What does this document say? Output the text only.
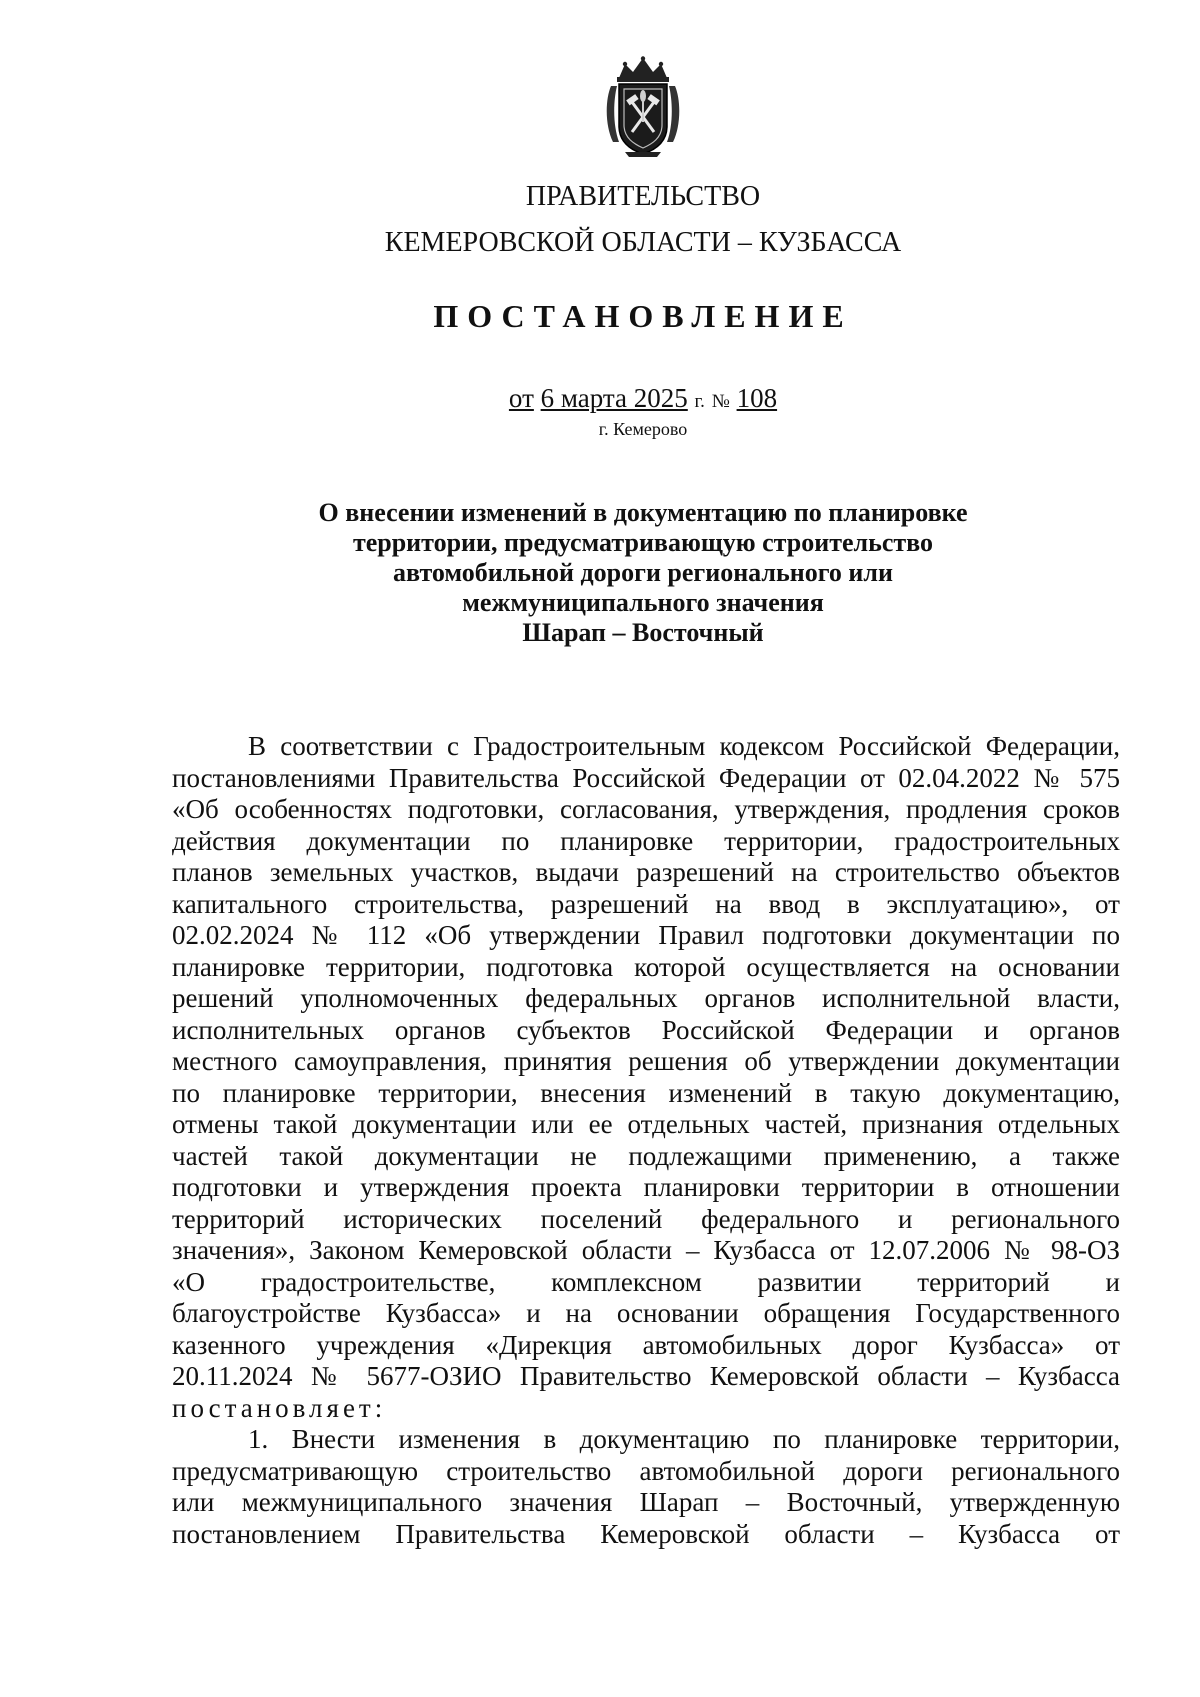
ПРАВИТЕЛЬСТВО
КЕМЕРОВСКОЙ ОБЛАСТИ – КУЗБАССА
ПОСТАНОВЛЕНИЕ
от 6 марта 2025 г. № 108
г. Кемерово
О внесении изменений в документацию по планировке
территории, предусматривающую строительство
автомобильной дороги регионального или
межмуниципального значения
Шарап – Восточный
В соответствии с Градостроительным кодексом Российской Федерации,
постановлениями Правительства Российской Федерации от 02.04.2022 № 575
«Об особенностях подготовки, согласования, утверждения, продления сроков
действия документации по планировке территории, градостроительных
планов земельных участков, выдачи разрешений на строительство объектов
капитального строительства, разрешений на ввод в эксплуатацию», от
02.02.2024 № 112 «Об утверждении Правил подготовки документации по
планировке территории, подготовка которой осуществляется на основании
решений уполномоченных федеральных органов исполнительной власти,
исполнительных органов субъектов Российской Федерации и органов
местного самоуправления, принятия решения об утверждении документации
по планировке территории, внесения изменений в такую документацию,
отмены такой документации или ее отдельных частей, признания отдельных
частей такой документации не подлежащими применению, а также
подготовки и утверждения проекта планировки территории в отношении
территорий исторических поселений федерального и регионального
значения», Законом Кемеровской области – Кузбасса от 12.07.2006 № 98-ОЗ
«О градостроительстве, комплексном развитии территорий и
благоустройстве Кузбасса» и на основании обращения Государственного
казенного учреждения «Дирекция автомобильных дорог Кузбасса» от
20.11.2024 № 5677-ОЗИО Правительство Кемеровской области – Кузбасса
постановляет:
1. Внести изменения в документацию по планировке территории,
предусматривающую строительство автомобильной дороги регионального
или межмуниципального значения Шарап – Восточный, утвержденную
постановлением Правительства Кемеровской области – Кузбасса от
